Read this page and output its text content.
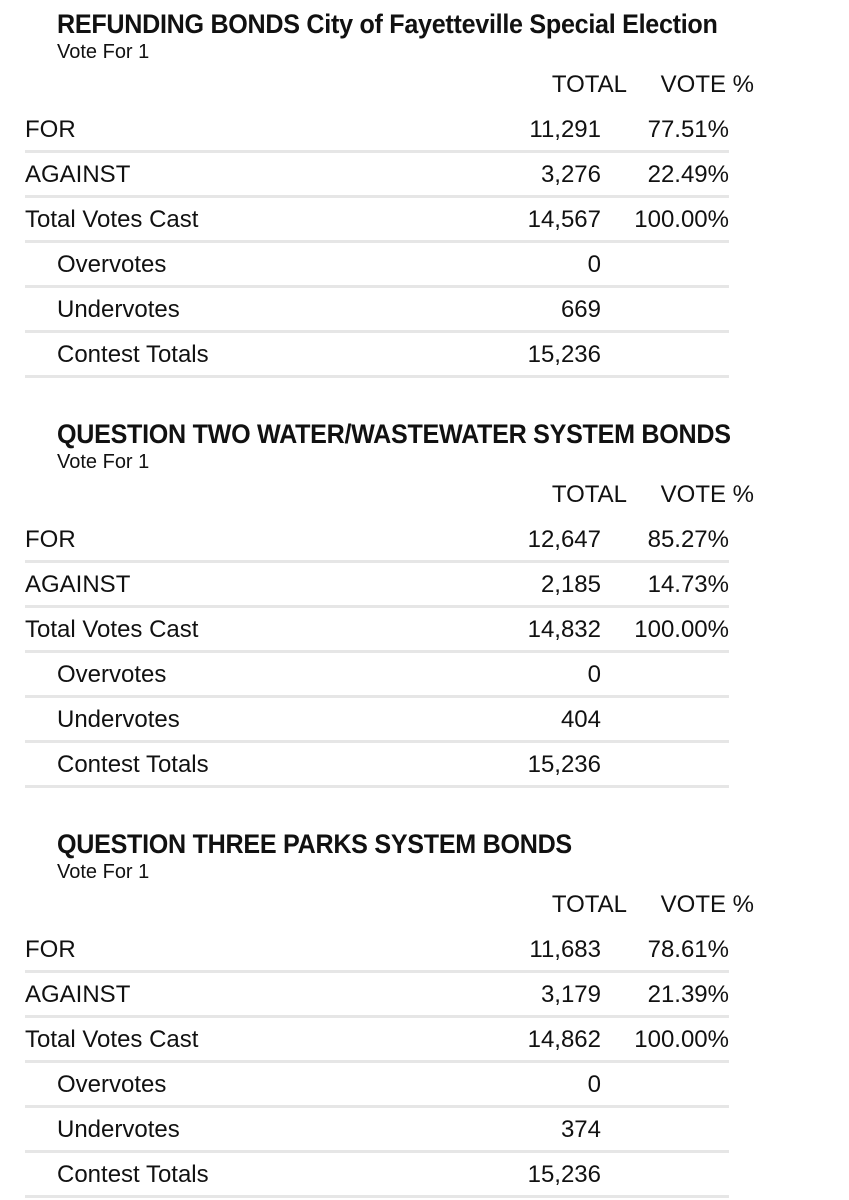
REFUNDING BONDS City of Fayetteville Special Election
Vote For 1
TOTAL VOTE %
FOR	11,291 77.51%
AGAINST	3,276 22.49%
Total Votes Cast	14,567 100.00%
Overvotes	0
Undervotes	669
Contest Totals	15,236
QUESTION TWO WATER/WASTEWATER SYSTEM BONDS
Vote For 1
TOTAL VOTE %
FOR	12,647 85.27%
AGAINST	2,185 14.73%
Total Votes Cast	14,832 100.00%
Overvotes	0
Undervotes	404
Contest Totals	15,236
QUESTION THREE PARKS SYSTEM BONDS
Vote For 1
TOTAL VOTE %
FOR	11,683 78.61%
AGAINST	3,179 21.39%
Total Votes Cast	14,862 100.00%
Overvotes	0
Undervotes	374
Contest Totals	15,236
